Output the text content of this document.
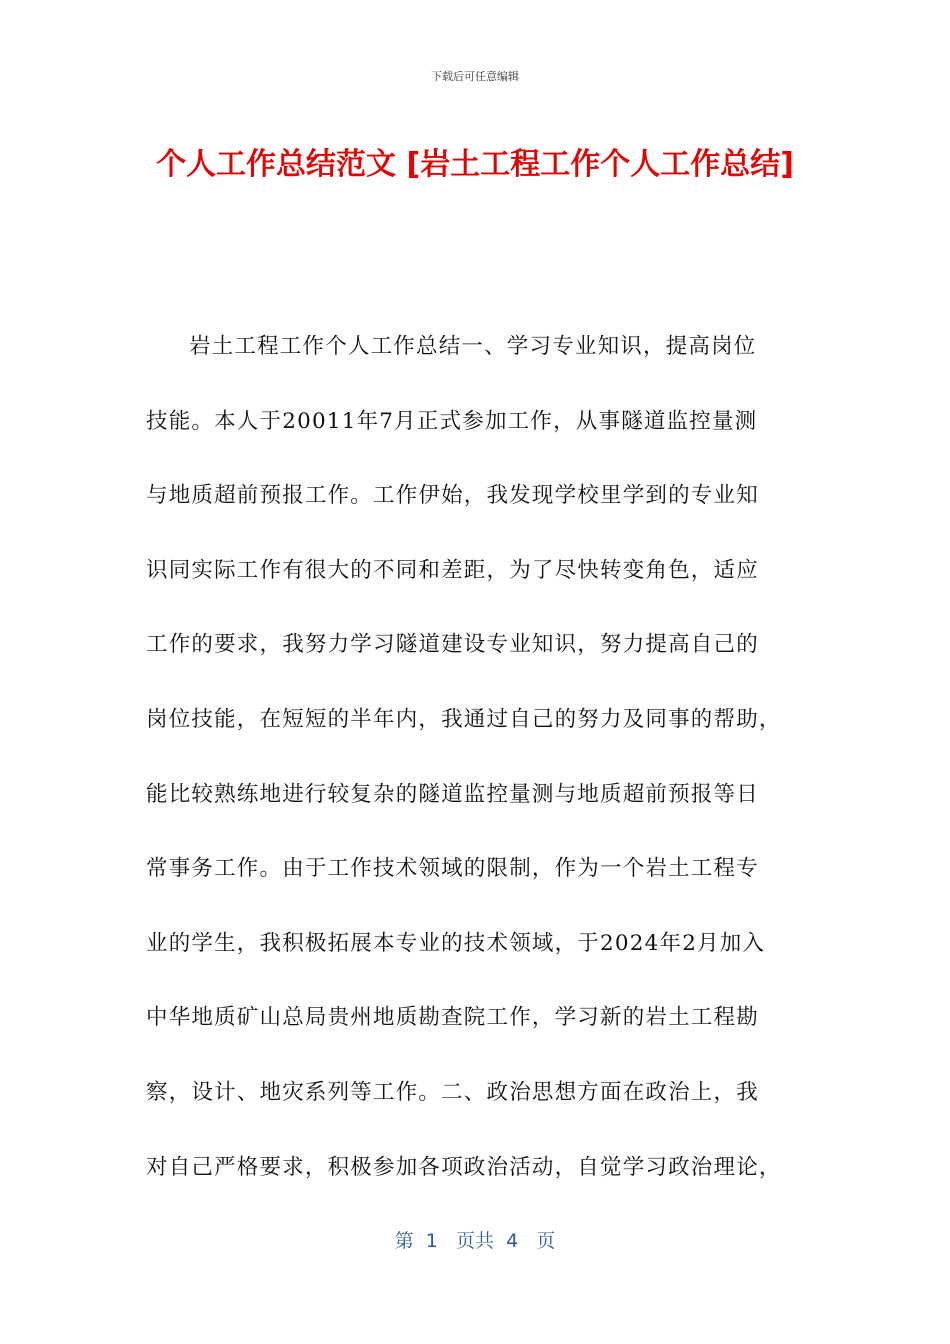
下载后可任意编辑
个人工作总结范文 [岩土工程工作个人工作总结]
岩土工程工作个人工作总结一、学习专业知识，提高岗位
技能。本人于20011年7月正式参加工作，从事隧道监控量测
与地质超前预报工作。工作伊始，我发现学校里学到的专业知
识同实际工作有很大的不同和差距，为了尽快转变角色，适应
工作的要求，我努力学习隧道建设专业知识，努力提高自己的
岗位技能，在短短的半年内，我通过自己的努力及同事的帮助，
能比较熟练地进行较复杂的隧道监控量测与地质超前预报等日
常事务工作。由于工作技术领域的限制，作为一个岩土工程专
业的学生，我积极拓展本专业的技术领域，于2024年2月加入
中华地质矿山总局贵州地质勘查院工作，学习新的岩土工程勘
察，设计、地灾系列等工作。二、政治思想方面在政治上，我
对自己严格要求，积极参加各项政治活动，自觉学习政治理论，
第  1   页共  4   页
